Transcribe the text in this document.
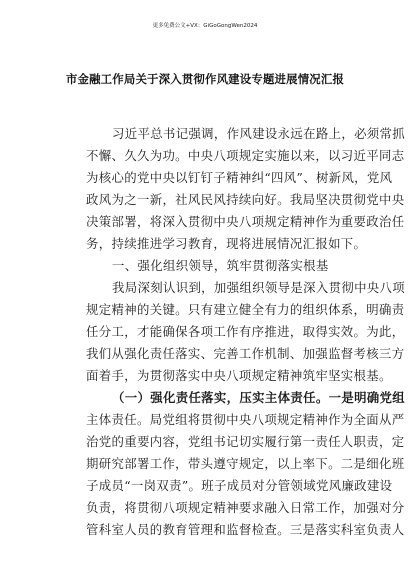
更多免费公文+VX：GiGoGongWen2024
市金融工作局关于深入贯彻作风建设专题进展情况汇报
习近平总书记强调，作风建设永远在路上，必须常抓
不懈、久久为功。中央八项规定实施以来，以习近平同志
为核心的党中央以钉钉子精神纠“四风”、树新风，党风
政风为之一新，社风民风持续向好。我局坚决贯彻党中央
决策部署，将深入贯彻中央八项规定精神作为重要政治任
务，持续推进学习教育，现将进展情况汇报如下。
一、强化组织领导，筑牢贯彻落实根基
我局深刻认识到，加强组织领导是深入贯彻中央八项
规定精神的关键。只有建立健全有力的组织体系，明确责
任分工，才能确保各项工作有序推进，取得实效。为此，
我们从强化责任落实、完善工作机制、加强监督考核三方
面着手，为贯彻落实中央八项规定精神筑牢坚实根基。
（一）强化责任落实，压实主体责任。一是明确党组
主体责任。局党组将贯彻中央八项规定精神作为全面从严
治党的重要内容，党组书记切实履行第一责任人职责，定
期研究部署工作，带头遵守规定，以上率下。二是细化班
子成员“一岗双责”。班子成员对分管领域党风廉政建设
负责，将贯彻八项规定精神要求融入日常工作，加强对分
管科室人员的教育管理和监督检查。三是落实科室负责人
